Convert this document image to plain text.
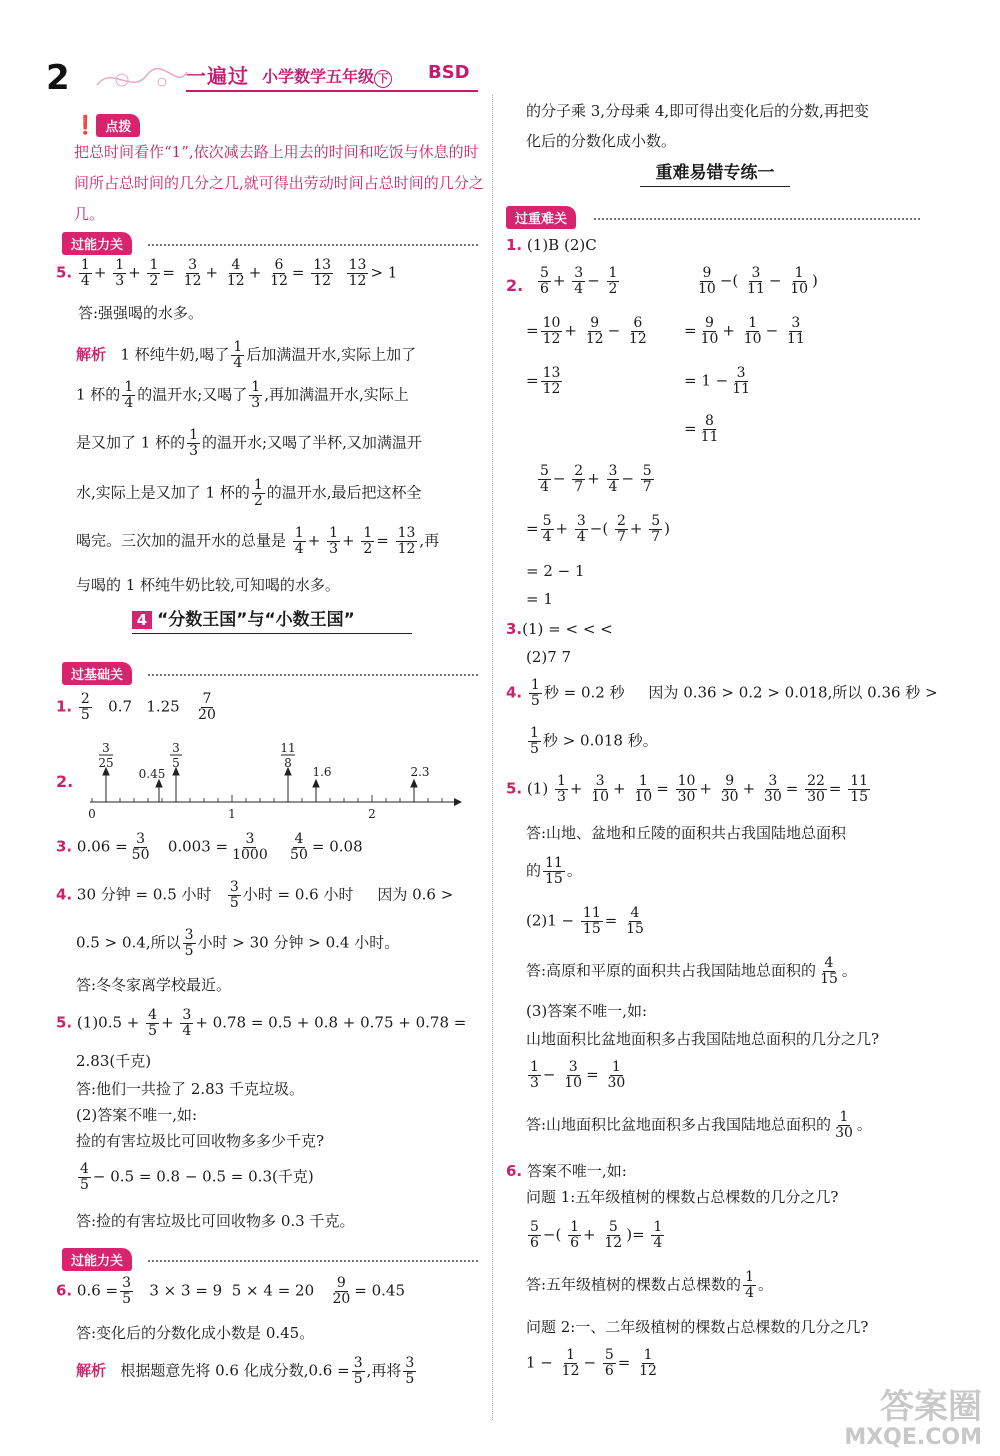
2	一遍过 小学数学五年级 下 BSD
❗ 点拨
把总时间看作“1”,依次减去路上用去的时间和吃饭与休息的时间所占总时间的几分之几,就可得出劳动时间占总时间的几分之几。
过能力关
5. $\frac{1}{4} + \frac{1}{3} + \frac{1}{2} = \frac{3}{12} + \frac{4}{12} + \frac{6}{12} = \frac{13}{12}$
$\frac{13}{12} > 1$
答:强强喝的水多。
解析 1 杯纯牛奶,喝了 $\frac{1}{4}$ 后加满温开水,实际上加了
1 杯的 $\frac{1}{4}$ 的温开水;又喝了 $\frac{1}{3}$ ,再加满温开水,实际上
是又加了 1 杯的 $\frac{1}{3}$ 的温开水;又喝了半杯,又加满温开
水,实际上是又加了 1 杯的 $\frac{1}{2}$ 的温开水,最后把这杯全
喝完。三次加的温开水的总量是 $\frac{1}{4} + \frac{1}{3} + \frac{1}{2} = \frac{13}{12}$ ,再
与喝的 1 杯纯牛奶比较,可知喝的水多。
4 “分数王国”与“小数王国”
过基础关
1. $\frac{2}{5} 0.7$ $1.25 \frac{7}{20}$
2.
3
25
0.45
3
5
11
8
1.6	2.3
0	1	2
3. $0.06 = \frac{3}{50} 0.003 = \frac{3}{1000}$
$\frac{4}{50} = 0.08$
4. 30 分钟 = 0.5 小时 $\frac{3}{5}$ 小时 = 0.6 小时 因为 0.6 >
0.5 > 0.4,所以 $\frac{3}{5}$ 小时 > 30 分钟 > 0.4 小时。
答:冬冬家离学校最近。
5. $(1)0.5 + \frac{4}{5} + \frac{3}{4} + 0.78 = 0.5 + 0.8 + 0.75 + 0.78$ =
2.83(千克)
答:他们一共捡了 2.83 千克垃圾。
(2)答案不唯一,如:
捡的有害垃圾比可回收物多多少千克?
$\frac{4}{5} - 0.5 = 0.8 - 0.5 = 0.3$(千克)
答:捡的有害垃圾比可回收物多 0.3 千克。
过能力关
6. $0.6 = \frac{3}{5} 3 \times 3 = 9$ $5 \times 4 = 20 \frac{9}{20} = 0.45$
答:变化后的分数化成小数是 0.45。
解析 根据题意先将 0.6 化成分数$,0.6 = \frac{3}{5}$ ,再将 $\frac{3}{5}$
的分子乘 3,分母乘 4,即可得出变化后的分数,再把变
化后的分数化成小数。
重难易错专练一
过重难关
1. (1)B (2)C
2. $\frac{5}{6} + \frac{3}{4} - \frac{1}{2}$
= $\frac{10}{12} + \frac{9}{12} - \frac{6}{12}$
= $\frac{13}{12}$
$\frac{9}{10}$ −( $\frac{3}{11} - \frac{1}{10}$ )
= $\frac{9}{10} + \frac{1}{10} - \frac{3}{11}$
= $1 - \frac{3}{11}$
= $\frac{8}{11}$
$\frac{5}{4} - \frac{2}{7} + \frac{3}{4} - \frac{5}{7}$
= $\frac{5}{4} + \frac{3}{4}$ −( $\frac{2}{7} + \frac{5}{7}$ )
= 2 − 1
= 1
3.(1) = < < <
(2)7 7
4. $\frac{1}{5}$ 秒 = 0.2 秒 因为 0.36 > 0.2 > 0.018,所以 0.36 秒 >
$\frac{1}{5}$ 秒 > 0.018 秒。
5. $(1) \frac{1}{3} + \frac{3}{10} + \frac{1}{10} = \frac{10}{30} + \frac{9}{30} + \frac{3}{30} = \frac{22}{30} = \frac{11}{15}$
答:山地、盆地和丘陵的面积共占我国陆地总面积
的 $\frac{11}{15}$ 。
$(2)1 - \frac{11}{15} = \frac{4}{15}$
答:高原和平原的面积共占我国陆地总面积的 $\frac{4}{15}$ 。
(3)答案不唯一,如:
山地面积比盆地面积多占我国陆地总面积的几分之几?
$\frac{1}{3} - \frac{3}{10} = \frac{1}{30}$
答:山地面积比盆地面积多占我国陆地总面积的 $\frac{1}{30}$ 。
6. 答案不唯一,如:
问题 1:五年级植树的棵数占总棵数的几分之几?
$\frac{5}{6}$ −( $\frac{1}{6} + \frac{5}{12}$ )= $\frac{1}{4}$
答:五年级植树的棵数占总棵数的 $\frac{1}{4}$ 。
问题 2:一、二年级植树的棵数占总棵数的几分之几?
$1 - \frac{1}{12} - \frac{5}{6} = \frac{1}{12}$
答案圈
MXQE.COM
